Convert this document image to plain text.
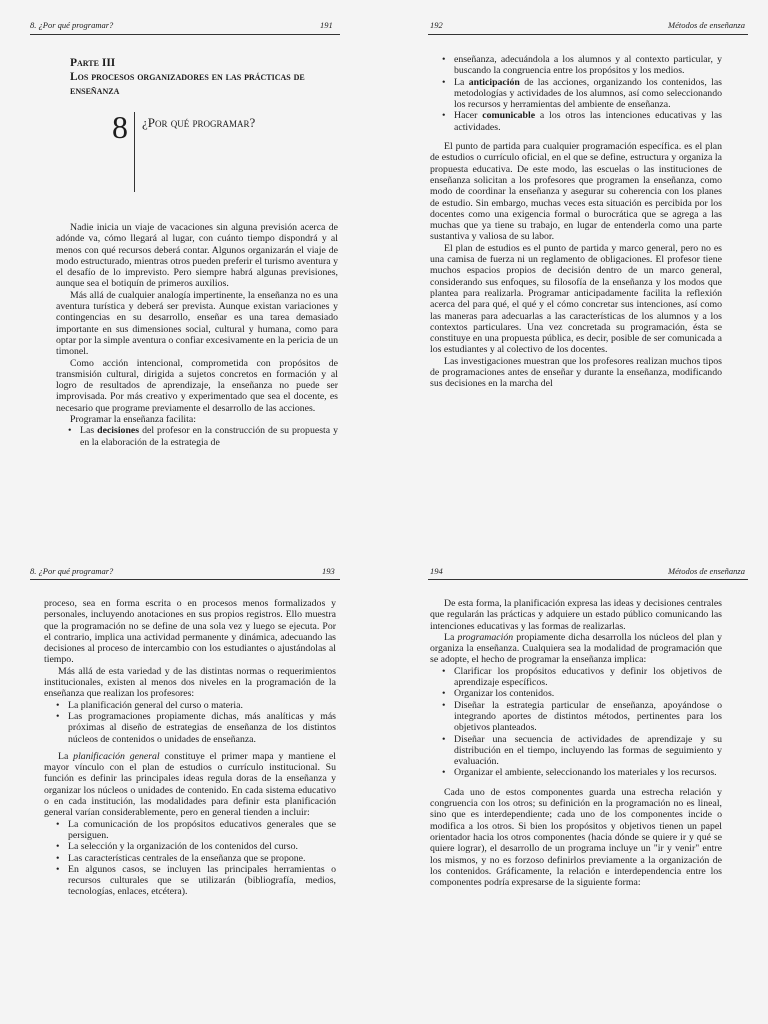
8. ¿Por qué programar?	191
Parte III
Los procesos organizadores en las prácticas de enseñanza
8 ¿Por qué programar?

Nadie inicia un viaje de vacaciones sin alguna previsión acerca de adónde va, cómo llegará al lugar, con cuánto tiempo dispondrá y al menos con qué recursos deberá contar. Algunos organizarán el viaje de modo estructurado, mientras otros pueden preferir el turismo aventura y el desafío de lo imprevisto. Pero siempre habrá algunas previsiones, aunque sea el botiquín de primeros auxilios.

Más allá de cualquier analogía impertinente, la enseñanza no es una aventura turística y deberá ser prevista. Aunque existan variaciones y contingencias en su desarrollo, enseñar es una tarea demasiado importante en sus dimensiones social, cultural y humana, como para optar por la simple aventura o confiar excesivamente en la pericia de un timonel.

Como acción intencional, comprometida con propósitos de transmisión cultural, dirigida a sujetos concretos en formación y al logro de resultados de aprendizaje, la enseñanza no puede ser improvisada. Por más creativo y experimentado que sea el docente, es necesario que programe previamente el desarrollo de las acciones.

Programar la enseñanza facilita:

• Las decisiones del profesor en la construcción de su propuesta y en la elaboración de la estrategia de
192	Métodos de enseñanza
• enseñanza, adecuándola a los alumnos y al contexto particular, y buscando la congruencia entre los propósitos y los medios.
• La anticipación de las acciones, organizando los contenidos, las metodologías y actividades de los alumnos, así como seleccionando los recursos y herramientas del ambiente de enseñanza.
• Hacer comunicable a los otros las intenciones educativas y las actividades.

El punto de partida para cualquier programación específica. es el plan de estudios o currículo oficial, en el que se define, estructura y organiza la propuesta educativa. De este modo, las escuelas o las instituciones de enseñanza solicitan a los profesores que programen la enseñanza, como modo de coordinar la enseñanza y asegurar su coherencia con los planes de estudio. Sin embargo, muchas veces esta situación es percibida por los docentes como una exigencia formal o burocrática que se agrega a las muchas que ya tiene su trabajo, en lugar de entenderla como una parte sustantiva y valiosa de su labor.

El plan de estudios es el punto de partida y marco general, pero no es una camisa de fuerza ni un reglamento de obligaciones. El profesor tiene muchos espacios propios de decisión dentro de un marco general, considerando sus enfoques, su filosofía de la enseñanza y los modos que plantea para realizarla. Programar anticipadamente facilita la reflexión acerca del para qué, el qué y el cómo concretar sus intenciones, así como las maneras para adecuarlas a las características de los alumnos y a los contextos particulares. Una vez concretada su programación, ésta se constituye en una propuesta pública, es decir, posible de ser comunicada a los estudiantes y al colectivo de los docentes.

Las investigaciones muestran que los profesores realizan muchos tipos de programaciones antes de enseñar y durante la enseñanza, modificando sus decisiones en la marcha del

8. ¿Por qué programar?	193

proceso, sea en forma escrita o en procesos menos formalizados y personales, incluyendo anotaciones en sus propios registros. Ello muestra que la programación no se define de una sola vez y luego se ejecuta. Por el contrario, implica una actividad permanente y dinámica, adecuando las decisiones al proceso de intercambio con los estudiantes o ajustándolas al tiempo.

Más allá de esta variedad y de las distintas normas o requerimientos institucionales, existen al menos dos niveles en la programación de la enseñanza que realizan los profesores:

• La planificación general del curso o materia.
• Las programaciones propiamente dichas, más analíticas y más próximas al diseño de estrategias de enseñanza de los distintos núcleos de contenidos o unidades de enseñanza.

La planificación general constituye el primer mapa y mantiene el mayor vínculo con el plan de estudios o currículo institucional. Su función es definir las principales ideas regula doras de la enseñanza y organizar los núcleos o unidades de contenido. En cada sistema educativo o en cada institución, las modalidades para definir esta planificación general varían considerablemente, pero en general tienden a incluir:

• La comunicación de los propósitos educativos generales que se persiguen.
• La selección y la organización de los contenidos del curso.
• Las características centrales de la enseñanza que se propone.
• En algunos casos, se incluyen las principales herramientas o recursos culturales que se utilizarán (bibliografía, medios, tecnologías, enlaces, etcétera).
194	Métodos de enseñanza

De esta forma, la planificación expresa las ideas y decisiones centrales que regularán las prácticas y adquiere un estado público comunicando las intenciones educativas y las formas de realizarlas.

La programación propiamente dicha desarrolla los núcleos del plan y organiza la enseñanza. Cualquiera sea la modalidad de programación que se adopte, el hecho de programar la enseñanza implica:

• Clarificar los propósitos educativos y definir los objetivos de aprendizaje específicos.
• Organizar los contenidos.
• Diseñar la estrategia particular de enseñanza, apoyándose o integrando aportes de distintos métodos, pertinentes para los objetivos planteados.
• Diseñar una secuencia de actividades de aprendizaje y su distribución en el tiempo, incluyendo las formas de seguimiento y evaluación.
• Organizar el ambiente, seleccionando los materiales y los recursos.

Cada uno de estos componentes guarda una estrecha relación y congruencia con los otros; su definición en la programación no es lineal, sino que es interdependiente; cada uno de los componentes incide o modifica a los otros. Si bien los propósitos y objetivos tienen un papel orientador hacia los otros componentes (hacia dónde se quiere ir y qué se quiere lograr), el desarrollo de un programa incluye un "ir y venir" entre los mismos, y no es forzoso definirlos previamente a la organización de los contenidos. Gráficamente, la relación e interdependencia entre los componentes podría expresarse de la siguiente forma:
